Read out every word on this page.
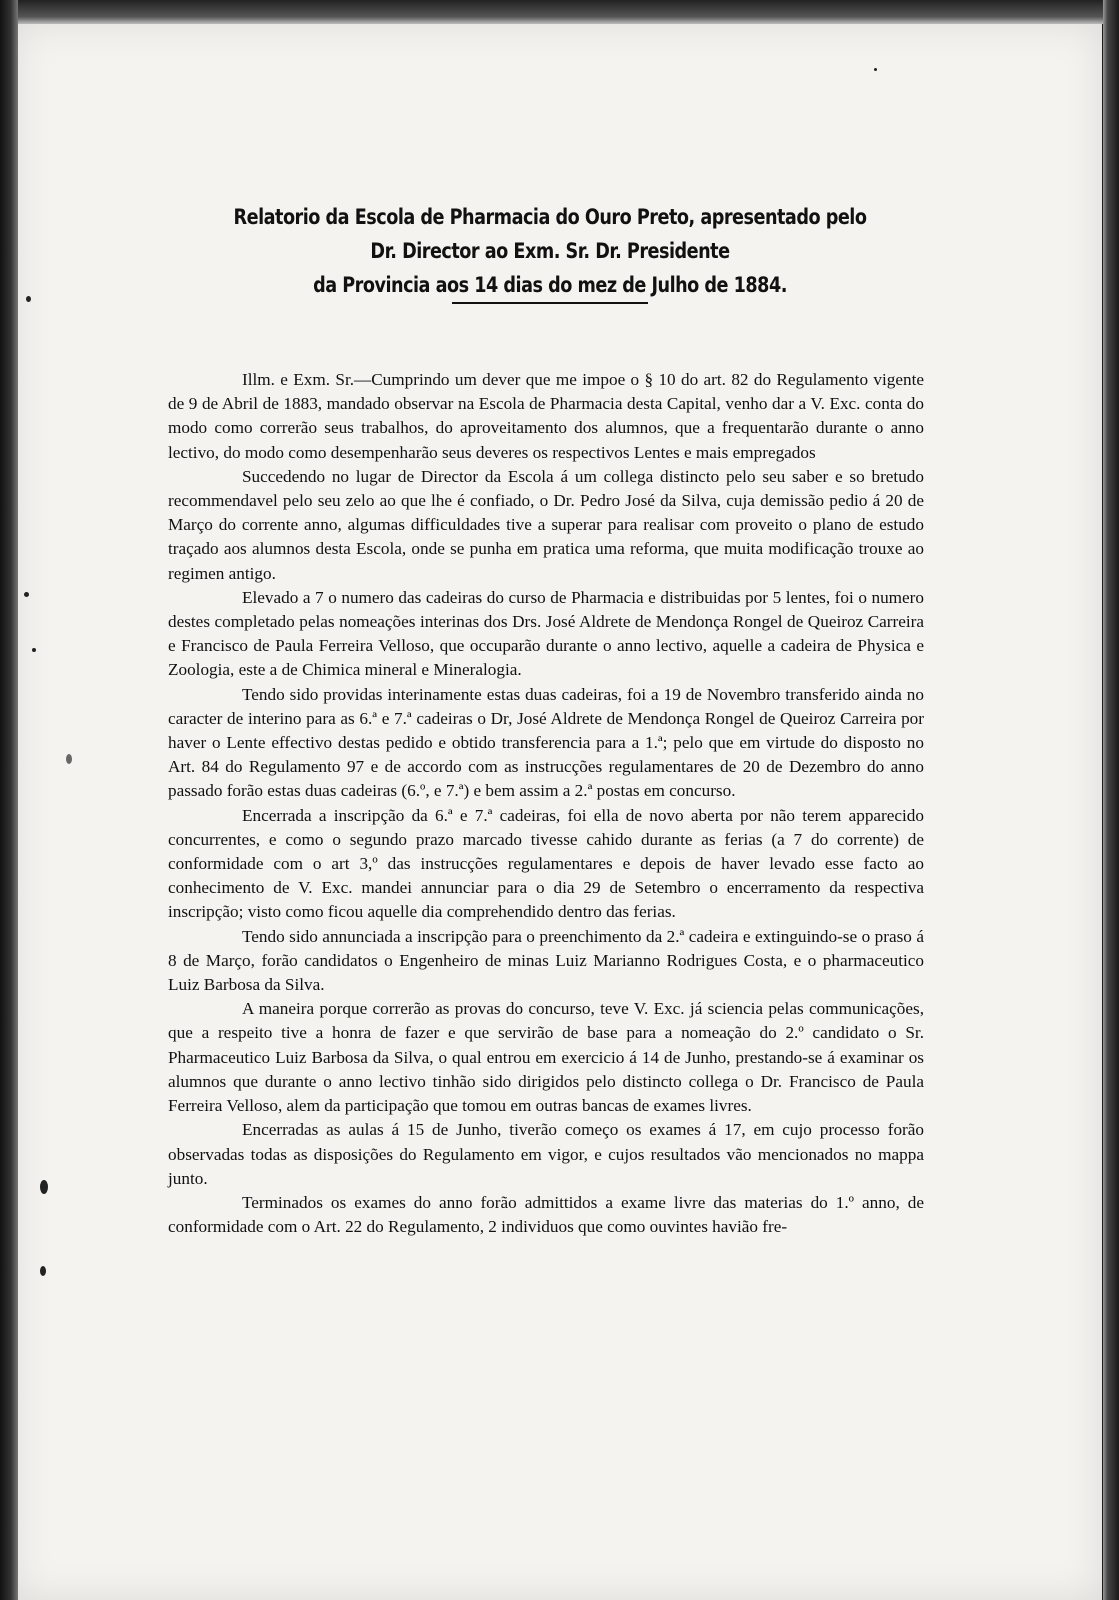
Relatorio da Escola de Pharmacia do Ouro Preto, apresentado pelo Dr. Director ao Exm. Sr. Dr. Presidente
da Provincia aos 14 dias do mez de Julho de 1884.

Illm. e Exm. Sr.—Cumprindo um dever que me impoe o § 10 do art. 82 do Regulamento vigente de 9 de Abril de 1883, mandado observar na Escola de Pharmacia desta Capital, venho dar a V. Exc. conta do modo como correrão seus trabalhos, do aproveitamento dos alumnos, que a frequentarão durante o anno lectivo, do modo como desempenharão seus deveres os respectivos Lentes e mais empregados

Succedendo no lugar de Director da Escola á um collega distincto pelo seu saber e so bretudo recommendavel pelo seu zelo ao que lhe é confiado, o Dr. Pedro José da Silva, cuja demissão pedio á 20 de Março do corrente anno, algumas difficuldades tive a superar para realisar com proveito o plano de estudo traçado aos alumnos desta Escola, onde se punha em pratica uma reforma, que muita modificação trouxe ao regimen antigo.

Elevado a 7 o numero das cadeiras do curso de Pharmacia e distribuidas por 5 lentes, foi o numero destes completado pelas nomeações interinas dos Drs. José Aldrete de Mendonça Rongel de Queiroz Carreira e Francisco de Paula Ferreira Velloso, que occuparão durante o anno lectivo, aquelle a cadeira de Physica e Zoologia, este a de Chimica mineral e Mineralogia.

Tendo sido providas interinamente estas duas cadeiras, foi a 19 de Novembro transferido ainda no caracter de interino para as 6.ª e 7.ª cadeiras o Dr, José Aldrete de Mendonça Rongel de Queiroz Carreira por haver o Lente effectivo destas pedido e obtido transferencia para a 1.ª; pelo que em virtude do disposto no Art. 84 do Regulamento 97 e de accordo com as instrucções regulamentares de 20 de Dezembro do anno passado forão estas duas cadeiras (6.º, e 7.ª) e bem assim a 2.ª postas em concurso.

Encerrada a inscripção da 6.ª e 7.ª cadeiras, foi ella de novo aberta por não terem apparecido concurrentes, e como o segundo prazo marcado tivesse cahido durante as ferias (a 7 do corrente) de conformidade com o art 3,º das instrucções regulamentares e depois de haver levado esse facto ao conhecimento de V. Exc. mandei annunciar para o dia 29 de Setembro o encerramento da respectiva inscripção; visto como ficou aquelle dia comprehendido dentro das ferias.

Tendo sido annunciada a inscripção para o preenchimento da 2.ª cadeira e extinguindo-se o praso á 8 de Março, forão candidatos o Engenheiro de minas Luiz Marianno Rodrigues Costa, e o pharmaceutico Luiz Barbosa da Silva.

A maneira porque correrão as provas do concurso, teve V. Exc. já sciencia pelas communicações, que a respeito tive a honra de fazer e que servirão de base para a nomeação do 2.º candidato o Sr. Pharmaceutico Luiz Barbosa da Silva, o qual entrou em exercicio á 14 de Junho, prestando-se á examinar os alumnos que durante o anno lectivo tinhão sido dirigidos pelo distincto collega o Dr. Francisco de Paula Ferreira Velloso, alem da participação que tomou em outras bancas de exames livres.

Encerradas as aulas á 15 de Junho, tiverão começo os exames á 17, em cujo processo forão observadas todas as disposições do Regulamento em vigor, e cujos resultados vão mencionados no mappa junto.

Terminados os exames do anno forão admittidos a exame livre das materias do 1.º anno, de conformidade com o Art. 22 do Regulamento, 2 individuos que como ouvintes havião fre-
